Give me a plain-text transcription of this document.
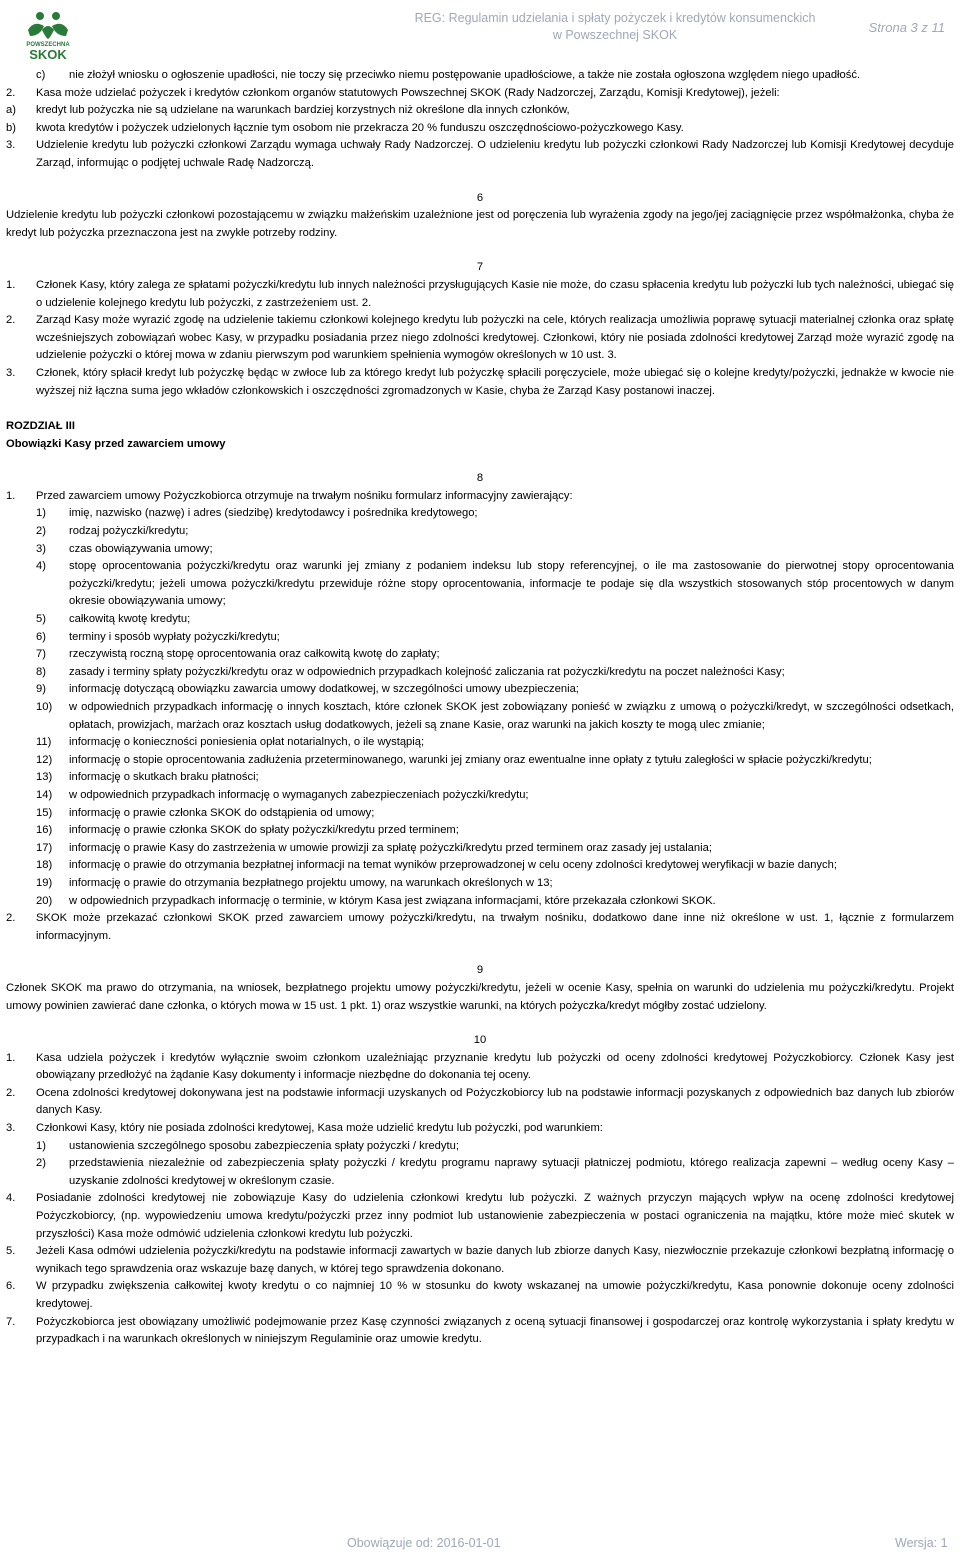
POWSZECHNA
SKOK
REG: Regulamin udzielania i spłaty pożyczek i kredytów konsumenckich
w Powszechnej SKOK	Strona 3 z 11
c)	nie złożył wniosku o ogłoszenie upadłości, nie toczy się przeciwko niemu postępowanie upadłościowe, a także nie została ogłoszona względem niego upadłość.
2.	Kasa może udzielać pożyczek i kredytów członkom organów statutowych Powszechnej SKOK (Rady Nadzorczej, Zarządu, Komisji Kredytowej), jeżeli:
a)	kredyt lub pożyczka nie są udzielane na warunkach bardziej korzystnych niż określone dla innych członków,
b)	kwota kredytów i pożyczek udzielonych łącznie tym osobom nie przekracza 20 % funduszu oszczędnościowo-pożyczkowego Kasy.
3.	Udzielenie kredytu lub pożyczki członkowi Zarządu wymaga uchwały Rady Nadzorczej. O udzieleniu kredytu lub pożyczki członkowi Rady Nadzorczej lub Komisji Kredytowej decyduje Zarząd, informując o podjętej uchwale Radę Nadzorczą.

6

Udzielenie kredytu lub pożyczki członkowi pozostającemu w związku małżeńskim uzależnione jest od poręczenia lub wyrażenia zgody na jego/jej zaciągnięcie przez współmałżonka, chyba że kredyt lub pożyczka przeznaczona jest na zwykłe potrzeby rodziny.

7

1.	Członek Kasy, który zalega ze spłatami pożyczki/kredytu lub innych należności przysługujących Kasie nie może, do czasu spłacenia kredytu lub pożyczki lub tych należności, ubiegać się o udzielenie kolejnego kredytu lub pożyczki, z zastrzeżeniem ust. 2.
2.	Zarząd Kasy może wyrazić zgodę na udzielenie takiemu członkowi kolejnego kredytu lub pożyczki na cele, których realizacja umożliwia poprawę sytuacji materialnej członka oraz spłatę wcześniejszych zobowiązań wobec Kasy, w przypadku posiadania przez niego zdolności kredytowej. Członkowi, który nie posiada zdolności kredytowej Zarząd może wyrazić zgodę na udzielenie pożyczki o której mowa w zdaniu pierwszym pod warunkiem spełnienia wymogów określonych w 10 ust. 3.
3.	Członek, który spłacił kredyt lub pożyczkę będąc w zwłoce lub za którego kredyt lub pożyczkę spłacili poręczyciele, może ubiegać się o kolejne kredyty/pożyczki, jednakże w kwocie nie wyższej niż łączna suma jego wkładów członkowskich i oszczędności zgromadzonych w Kasie, chyba że Zarząd Kasy postanowi inaczej.

ROZDZIAŁ III

Obowiązki Kasy przed zawarciem umowy

8

1.	Przed zawarciem umowy Pożyczkobiorca otrzymuje na trwałym nośniku formularz informacyjny zawierający:
1)	imię, nazwisko (nazwę) i adres (siedzibę) kredytodawcy i pośrednika kredytowego;
2)	rodzaj pożyczki/kredytu;
3)	czas obowiązywania umowy;
4)	stopę oprocentowania pożyczki/kredytu oraz warunki jej zmiany z podaniem indeksu lub stopy referencyjnej, o ile ma zastosowanie do pierwotnej stopy oprocentowania pożyczki/kredytu; jeżeli umowa pożyczki/kredytu przewiduje różne stopy oprocentowania, informacje te podaje się dla wszystkich stosowanych stóp procentowych w danym okresie obowiązywania umowy;
5)	całkowitą kwotę kredytu;
6)	terminy i sposób wypłaty pożyczki/kredytu;
7)	rzeczywistą roczną stopę oprocentowania oraz całkowitą kwotę do zapłaty;
8)	zasady i terminy spłaty pożyczki/kredytu oraz w odpowiednich przypadkach kolejność zaliczania rat pożyczki/kredytu na poczet należności Kasy;
9)	informację dotyczącą obowiązku zawarcia umowy dodatkowej, w szczególności umowy ubezpieczenia;
10)	w odpowiednich przypadkach informację o innych kosztach, które członek SKOK jest zobowiązany ponieść w związku z umową o pożyczki/kredyt, w szczególności odsetkach, opłatach, prowizjach, marżach oraz kosztach usług dodatkowych, jeżeli są znane Kasie, oraz warunki na jakich koszty te mogą ulec zmianie;
11)	informację o konieczności poniesienia opłat notarialnych, o ile wystąpią;
12)	informację o stopie oprocentowania zadłużenia przeterminowanego, warunki jej zmiany oraz ewentualne inne opłaty z tytułu zaległości w spłacie pożyczki/kredytu;
13)	informację o skutkach braku płatności;
14)	w odpowiednich przypadkach informację o wymaganych zabezpieczeniach pożyczki/kredytu;
15)	informację o prawie członka SKOK do odstąpienia od umowy;
16)	informację o prawie członka SKOK do spłaty pożyczki/kredytu przed terminem;
17)	informację o prawie Kasy do zastrzeżenia w umowie prowizji za spłatę pożyczki/kredytu przed terminem oraz zasady jej ustalania;
18)	informację o prawie do otrzymania bezpłatnej informacji na temat wyników przeprowadzonej w celu oceny zdolności kredytowej weryfikacji w bazie danych;
19)	informację o prawie do otrzymania bezpłatnego projektu umowy, na warunkach określonych w 13;
20)	w odpowiednich przypadkach informację o terminie, w którym Kasa jest związana informacjami, które przekazała członkowi SKOK.
2.	SKOK może przekazać członkowi SKOK przed zawarciem umowy pożyczki/kredytu, na trwałym nośniku, dodatkowo dane inne niż określone w ust. 1, łącznie z formularzem informacyjnym.

9

Członek SKOK ma prawo do otrzymania, na wniosek, bezpłatnego projektu umowy pożyczki/kredytu, jeżeli w ocenie Kasy, spełnia on warunki do udzielenia mu pożyczki/kredytu. Projekt umowy powinien zawierać dane członka, o których mowa w 15 ust. 1 pkt. 1) oraz wszystkie warunki, na których pożyczka/kredyt mógłby zostać udzielony.

10

1.	Kasa udziela pożyczek i kredytów wyłącznie swoim członkom uzależniając przyznanie kredytu lub pożyczki od oceny zdolności kredytowej Pożyczkobiorcy. Członek Kasy jest obowiązany przedłożyć na żądanie Kasy dokumenty i informacje niezbędne do dokonania tej oceny.
2.	Ocena zdolności kredytowej dokonywana jest na podstawie informacji uzyskanych od Pożyczkobiorcy lub na podstawie informacji pozyskanych z odpowiednich baz danych lub zbiorów danych Kasy.
3.	Członkowi Kasy, który nie posiada zdolności kredytowej, Kasa może udzielić kredytu lub pożyczki, pod warunkiem:
1)	ustanowienia szczególnego sposobu zabezpieczenia spłaty pożyczki / kredytu;
2)	przedstawienia niezależnie od zabezpieczenia spłaty pożyczki / kredytu programu naprawy sytuacji płatniczej podmiotu, którego realizacja zapewni – według oceny Kasy – uzyskanie zdolności kredytowej w określonym czasie.
4.	Posiadanie zdolności kredytowej nie zobowiązuje Kasy do udzielenia członkowi kredytu lub pożyczki. Z ważnych przyczyn mających wpływ na ocenę zdolności kredytowej Pożyczkobiorcy, (np. wypowiedzeniu umowa kredytu/pożyczki przez inny podmiot lub ustanowienie zabezpieczenia w postaci ograniczenia na majątku, które może mieć skutek w przyszłości) Kasa może odmówić udzielenia członkowi kredytu lub pożyczki.
5.	Jeżeli Kasa odmówi udzielenia pożyczki/kredytu na podstawie informacji zawartych w bazie danych lub zbiorze danych Kasy, niezwłocznie przekazuje członkowi bezpłatną informację o wynikach tego sprawdzenia oraz wskazuje bazę danych, w której tego sprawdzenia dokonano.
6.	W przypadku zwiększenia całkowitej kwoty kredytu o co najmniej 10 % w stosunku do kwoty wskazanej na umowie pożyczki/kredytu, Kasa ponownie dokonuje oceny zdolności kredytowej.
7.	Pożyczkobiorca jest obowiązany umożliwić podejmowanie przez Kasę czynności związanych z oceną sytuacji finansowej i gospodarczej oraz kontrolę wykorzystania i spłaty kredytu w przypadkach i na warunkach określonych w niniejszym Regulaminie oraz umowie kredytu.
Obowiązuje od: 2016-01-01	Wersja: 1
